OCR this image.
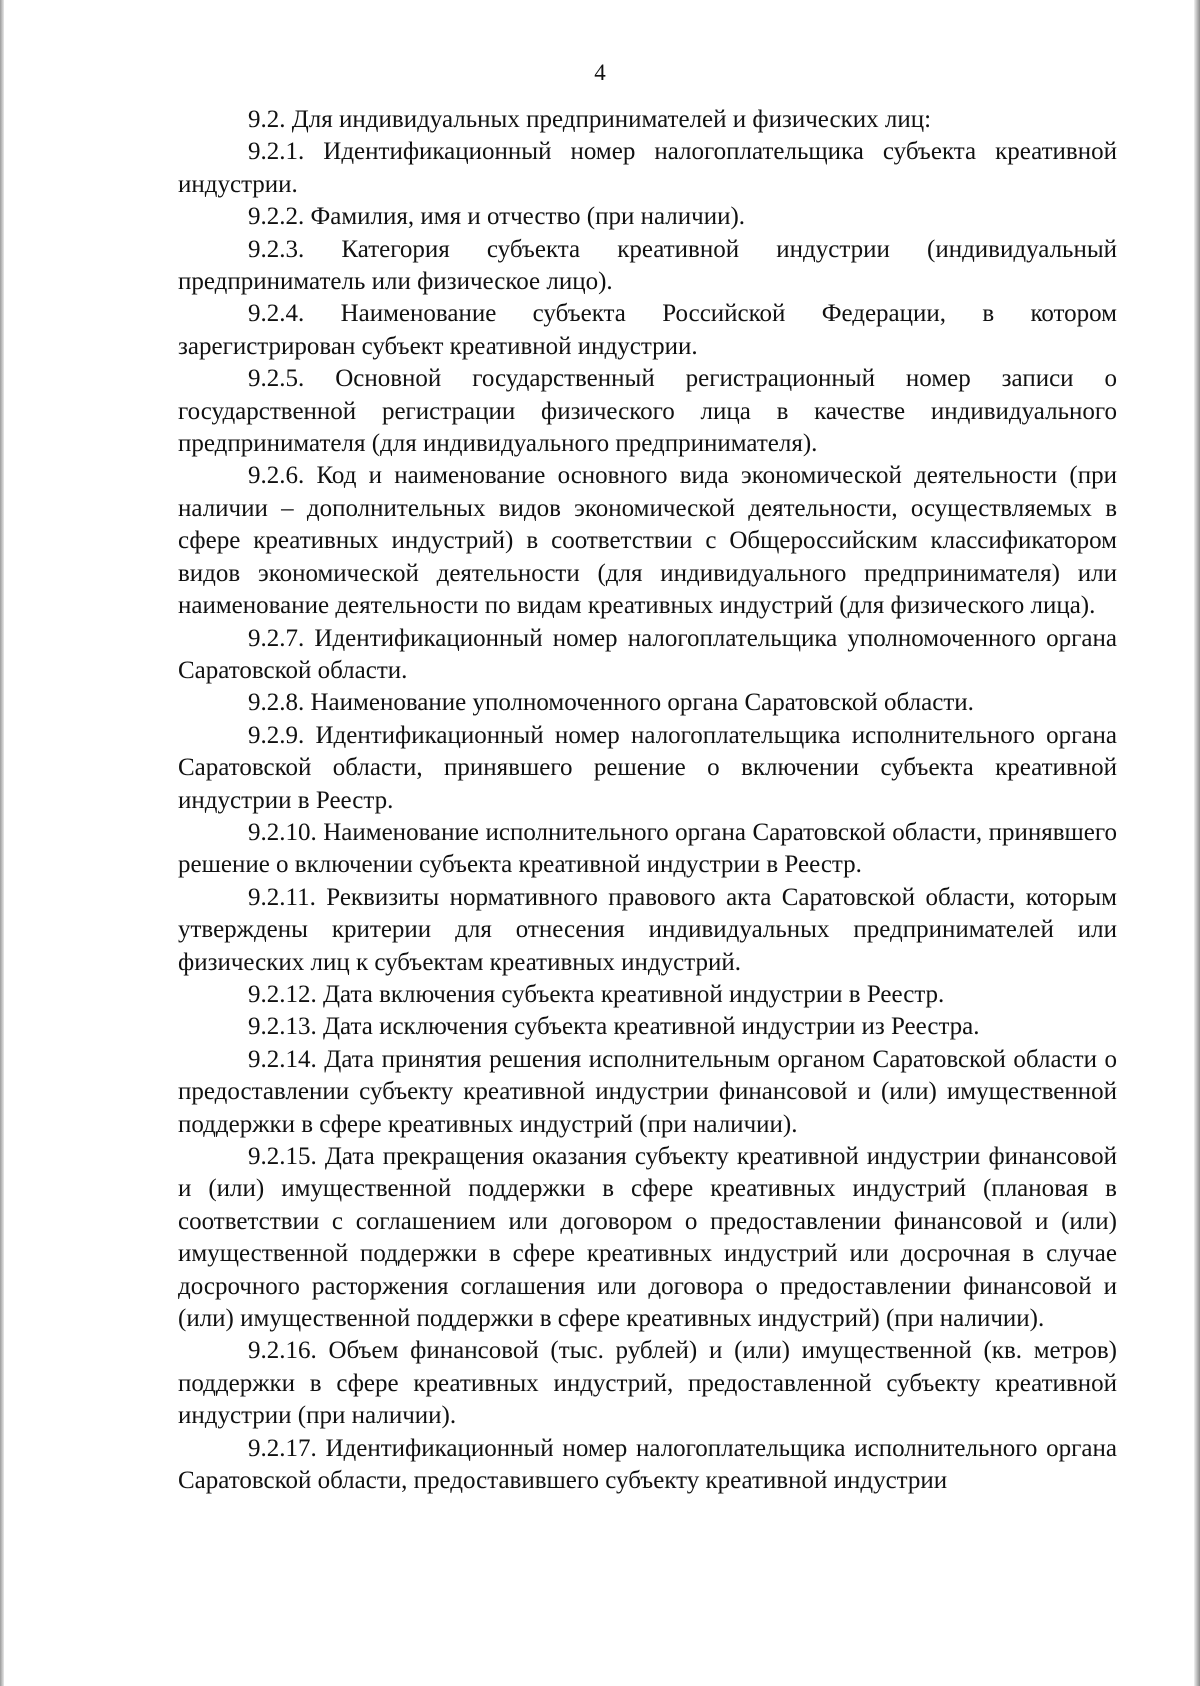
4

9.2. Для индивидуальных предпринимателей и физических лиц:

9.2.1. Идентификационный номер налогоплательщика субъекта креативной индустрии.

9.2.2. Фамилия, имя и отчество (при наличии).

9.2.3. Категория субъекта креативной индустрии (индивидуальный предприниматель или физическое лицо).

9.2.4. Наименование субъекта Российской Федерации, в котором зарегистрирован субъект креативной индустрии.

9.2.5. Основной государственный регистрационный номер записи о государственной регистрации физического лица в качестве индивидуального предпринимателя (для индивидуального предпринимателя).

9.2.6. Код и наименование основного вида экономической деятельности (при наличии – дополнительных видов экономической деятельности, осуществляемых в сфере креативных индустрий) в соответствии с Общероссийским классификатором видов экономической деятельности (для индивидуального предпринимателя) или наименование деятельности по видам креативных индустрий (для физического лица).

9.2.7. Идентификационный номер налогоплательщика уполномоченного органа Саратовской области.

9.2.8. Наименование уполномоченного органа Саратовской области.

9.2.9. Идентификационный номер налогоплательщика исполнительного органа Саратовской области, принявшего решение о включении субъекта креативной индустрии в Реестр.

9.2.10. Наименование исполнительного органа Саратовской области, принявшего решение о включении субъекта креативной индустрии в Реестр.

9.2.11. Реквизиты нормативного правового акта Саратовской области, которым утверждены критерии для отнесения индивидуальных предпринимателей или физических лиц к субъектам креативных индустрий.

9.2.12. Дата включения субъекта креативной индустрии в Реестр.

9.2.13. Дата исключения субъекта креативной индустрии из Реестра.

9.2.14. Дата принятия решения исполнительным органом Саратовской области о предоставлении субъекту креативной индустрии финансовой и (или) имущественной поддержки в сфере креативных индустрий (при наличии).

9.2.15. Дата прекращения оказания субъекту креативной индустрии финансовой и (или) имущественной поддержки в сфере креативных индустрий (плановая в соответствии с соглашением или договором о предоставлении финансовой и (или) имущественной поддержки в сфере креативных индустрий или досрочная в случае досрочного расторжения соглашения или договора о предоставлении финансовой и (или) имущественной поддержки в сфере креативных индустрий) (при наличии).

9.2.16. Объем финансовой (тыс. рублей) и (или) имущественной (кв. метров) поддержки в сфере креативных индустрий, предоставленной субъекту креативной индустрии (при наличии).

9.2.17. Идентификационный номер налогоплательщика исполнительного органа Саратовской области, предоставившего субъекту креативной индустрии
